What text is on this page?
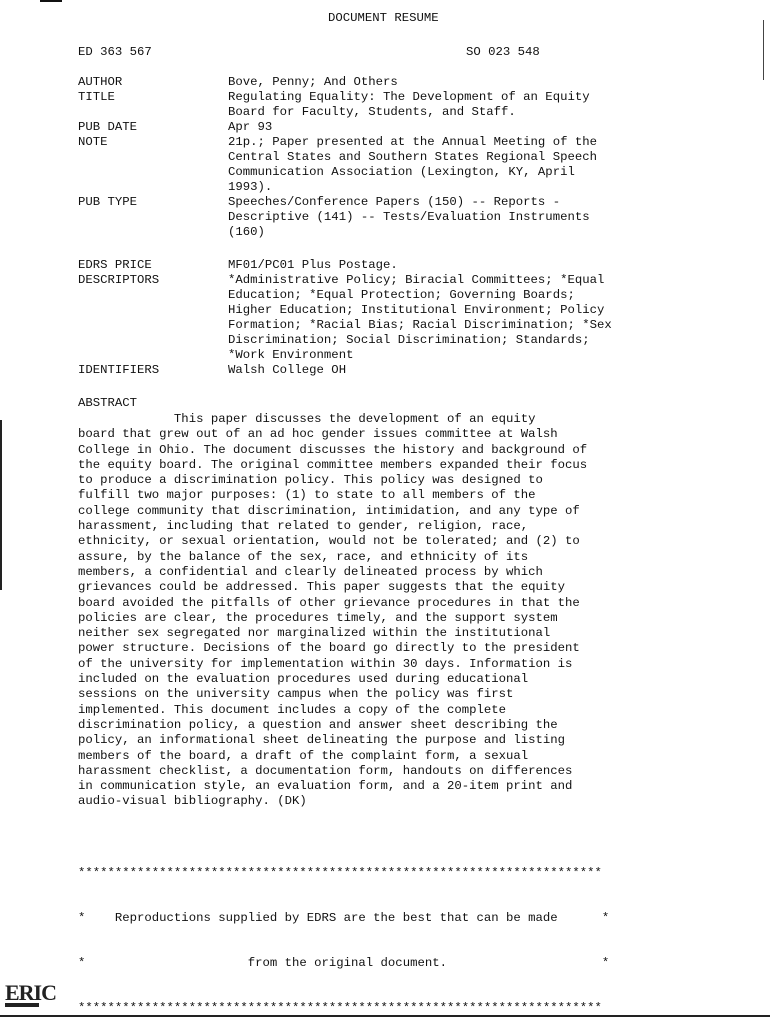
DOCUMENT RESUME
ED 363 567	SO 023 548
AUTHOR	Bove, Penny; And Others
TITLE	Regulating Equality: The Development of an Equity
Board for Faculty, Students, and Staff.
PUB DATE	Apr 93
NOTE	21p.; Paper presented at the Annual Meeting of the
Central States and Southern States Regional Speech
Communication Association (Lexington, KY, April
1993).
PUB TYPE	Speeches/Conference Papers (150) -- Reports -
Descriptive (141) -- Tests/Evaluation Instruments
(160)
EDRS PRICE	MF01/PC01 Plus Postage.
DESCRIPTORS	*Administrative Policy; Biracial Committees; *Equal
Education; *Equal Protection; Governing Boards;
Higher Education; Institutional Environment; Policy
Formation; *Racial Bias; Racial Discrimination; *Sex
Discrimination; Social Discrimination; Standards;
*Work Environment
IDENTIFIERS	Walsh College OH
ABSTRACT
This paper discusses the development of an equity
board that grew out of an ad hoc gender issues committee at Walsh
College in Ohio. The document discusses the history and background of
the equity board. The original committee members expanded their focus
to produce a discrimination policy. This policy was designed to
fulfill two major purposes: (1) to state to all members of the
college community that discrimination, intimidation, and any type of
harassment, including that related to gender, religion, race,
ethnicity, or sexual orientation, would not be tolerated; and (2) to
assure, by the balance of the sex, race, and ethnicity of its
members, a confidential and clearly delineated process by which
grievances could be addressed. This paper suggests that the equity
board avoided the pitfalls of other grievance procedures in that the
policies are clear, the procedures timely, and the support system
neither sex segregated nor marginalized within the institutional
power structure. Decisions of the board go directly to the president
of the university for implementation within 30 days. Information is
included on the evaluation procedures used during educational
sessions on the university campus when the policy was first
implemented. This document includes a copy of the complete
discrimination policy, a question and answer sheet describing the
policy, an informational sheet delineating the purpose and listing
members of the board, a draft of the complaint form, a sexual
harassment checklist, a documentation form, handouts on differences
in communication style, an evaluation form, and a 20-item print and
audio-visual bibliography. (DK)

***********************************************************************

*    Reproductions supplied by EDRS are the best that can be made      *

*                      from the original document.                     *

***********************************************************************

ERIC
